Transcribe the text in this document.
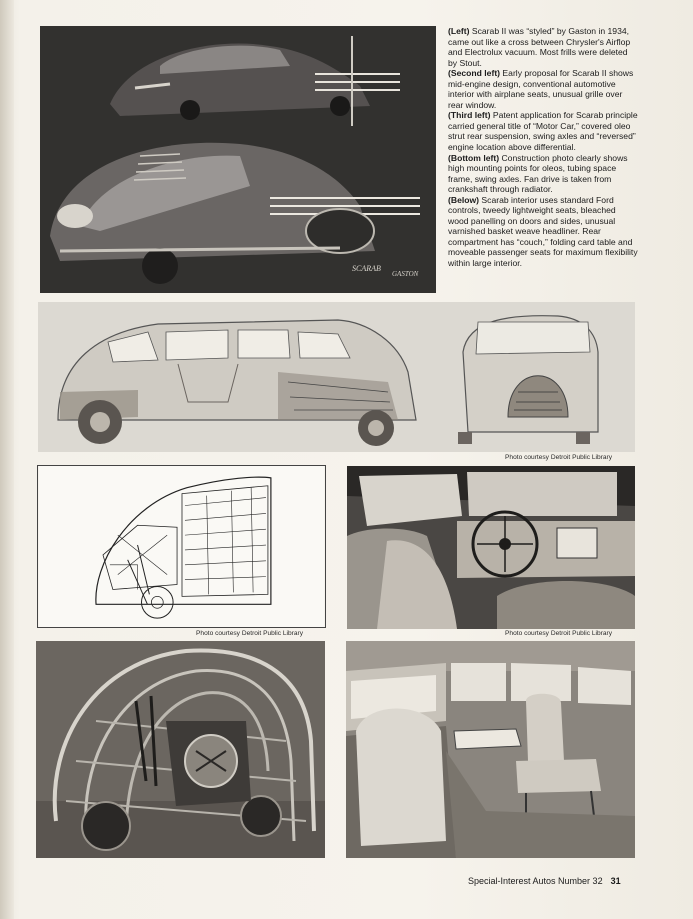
SCARAB
GASTON

(Left) Scarab II was “styled” by Gaston in 1934, came out like a cross between Chrysler's Airflop and Electrolux vacuum. Most frills were deleted by Stout.

(Second left) Early proposal for Scarab II shows mid-engine design, conventional automotive interior with airplane seats, unusual grille over rear window.

(Third left) Patent application for Scarab principle carried general title of “Motor Car,” covered oleo strut rear suspension, swing axles and “reversed” engine location above differential.

(Bottom left) Construction photo clearly shows high mounting points for oleos, tubing space frame, swing axles. Fan drive is taken from crankshaft through radiator.

(Below) Scarab interior uses standard Ford controls, tweedy lightweight seats, bleached wood panelling on doors and sides, unusual varnished basket weave headliner. Rear compartment has “couch,” folding card table and moveable passenger seats for maximum flexibility within large interior.

Photo courtesy Detroit Public Library
Photo courtesy Detroit Public Library	Photo courtesy Detroit Public Library
Special-Interest Autos Number 32 31
